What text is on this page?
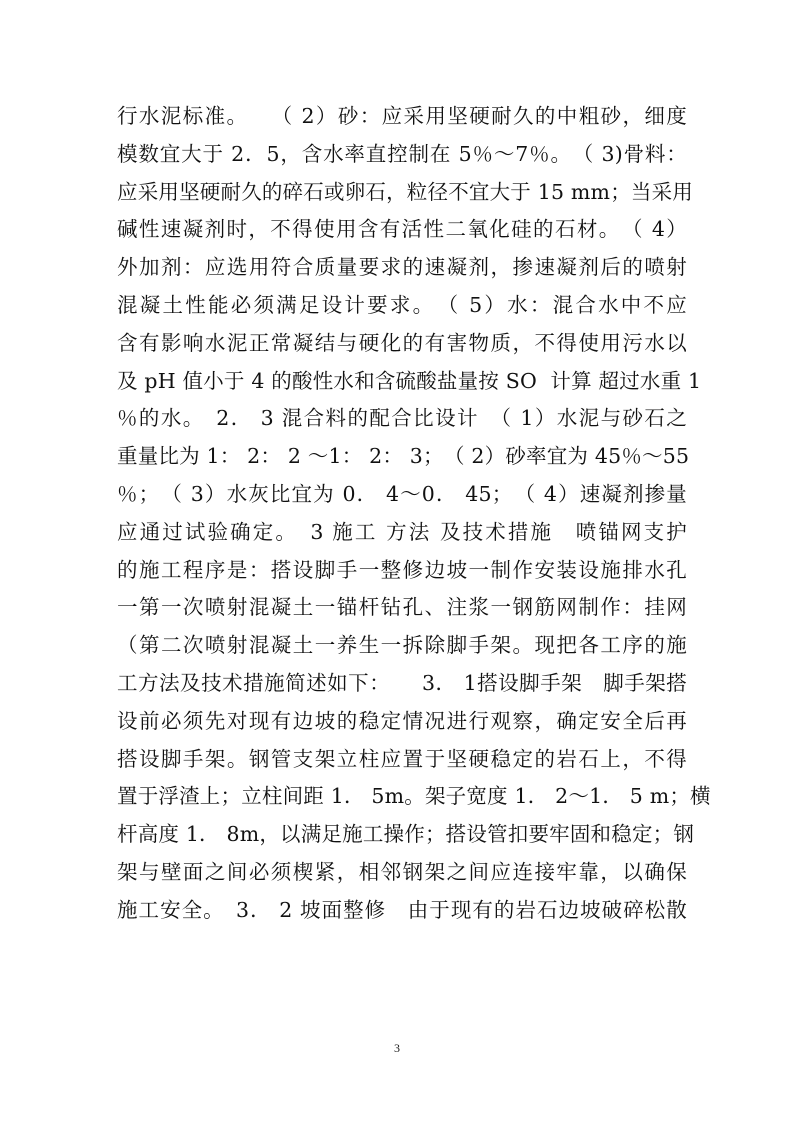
行水泥标准。　　（ 2）砂：应采用坚硬耐久的中粗砂，细度
模数宜大于 2．5，含水率直控制在 5％～7％。　（ 3)骨料：
应采用坚硬耐久的碎石或卵石，粒径不宜大于 15 mm；当采用
碱性速凝剂时，不得使用含有活性二氧化硅的石材。　（ 4）
外加剂：应选用符合质量要求的速凝剂，掺速凝剂后的喷射
混凝土性能必须满足设计要求。　（ 5）水：混合水中不应
含有影响水泥正常凝结与硬化的有害物质，不得使用污水以
及 pH 值小于 4 的酸性水和含硫酸盐量按 SO  计算 超过水重 1
％的水。　2． 3 混合料的配合比设计　（ 1）水泥与砂石之
重量比为 1： 2： 2 ～1： 2： 3；　（ 2）砂率宜为 45％～55
％；　（ 3）水灰比宜为 0． 4～0． 45；　（ 4）速凝剂掺量
应通过试验确定。　3 施工 方法 及技术措施　喷锚网支护
的施工程序是：搭设脚手一整修边坡一制作安装设施排水孔
一第一次喷射混凝土一锚杆钻孔、注浆一钢筋网制作：挂网
（第二次喷射混凝土一养生一拆除脚手架。现把各工序的施
工方法及技术措施简述如下：　　3． 1搭设脚手架　脚手架搭
设前必须先对现有边坡的稳定情况进行观察，确定安全后再
搭设脚手架。钢管支架立柱应置于坚硬稳定的岩石上，不得
置于浮渣上；立柱间距 1． 5m。架子宽度 1． 2～1． 5 m；横
杆高度 1． 8m，以满足施工操作；搭设管扣要牢固和稳定；钢
架与壁面之间必须楔紧，相邻钢架之间应连接牢靠，以确保
施工安全。　3． 2 坡面整修　由于现有的岩石边坡破碎松散
3
